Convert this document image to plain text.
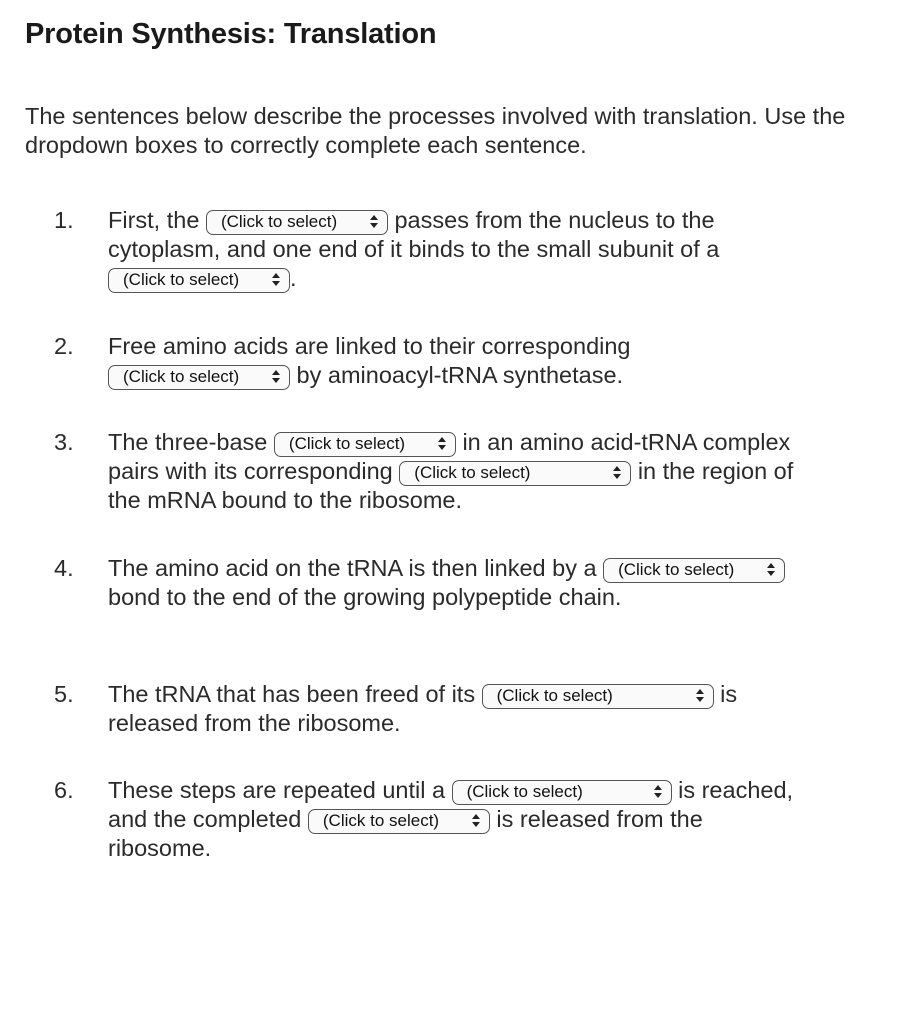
Protein Synthesis: Translation

The sentences below describe the processes involved with translation. Use the dropdown boxes to correctly complete each sentence.

1.	First, the (Click to select) passes from the nucleus to the cytoplasm, and one end of it binds to the small subunit of a (Click to select) .
2.	Free amino acids are linked to their corresponding (Click to select) by aminoacyl-tRNA synthetase.
3.	The three-base (Click to select) in an amino acid-tRNA complex pairs with its corresponding (Click to select)	in the region of the mRNA bound to the ribosome.
4.	The amino acid on the tRNA is then linked by a (Click to select)
bond to the end of the growing polypeptide chain.
5.	The tRNA that has been freed of its (Click to select)	is released from the ribosome.
6.	These steps are repeated until a (Click to select)	is reached, and the completed (Click to select) is released from the ribosome.
